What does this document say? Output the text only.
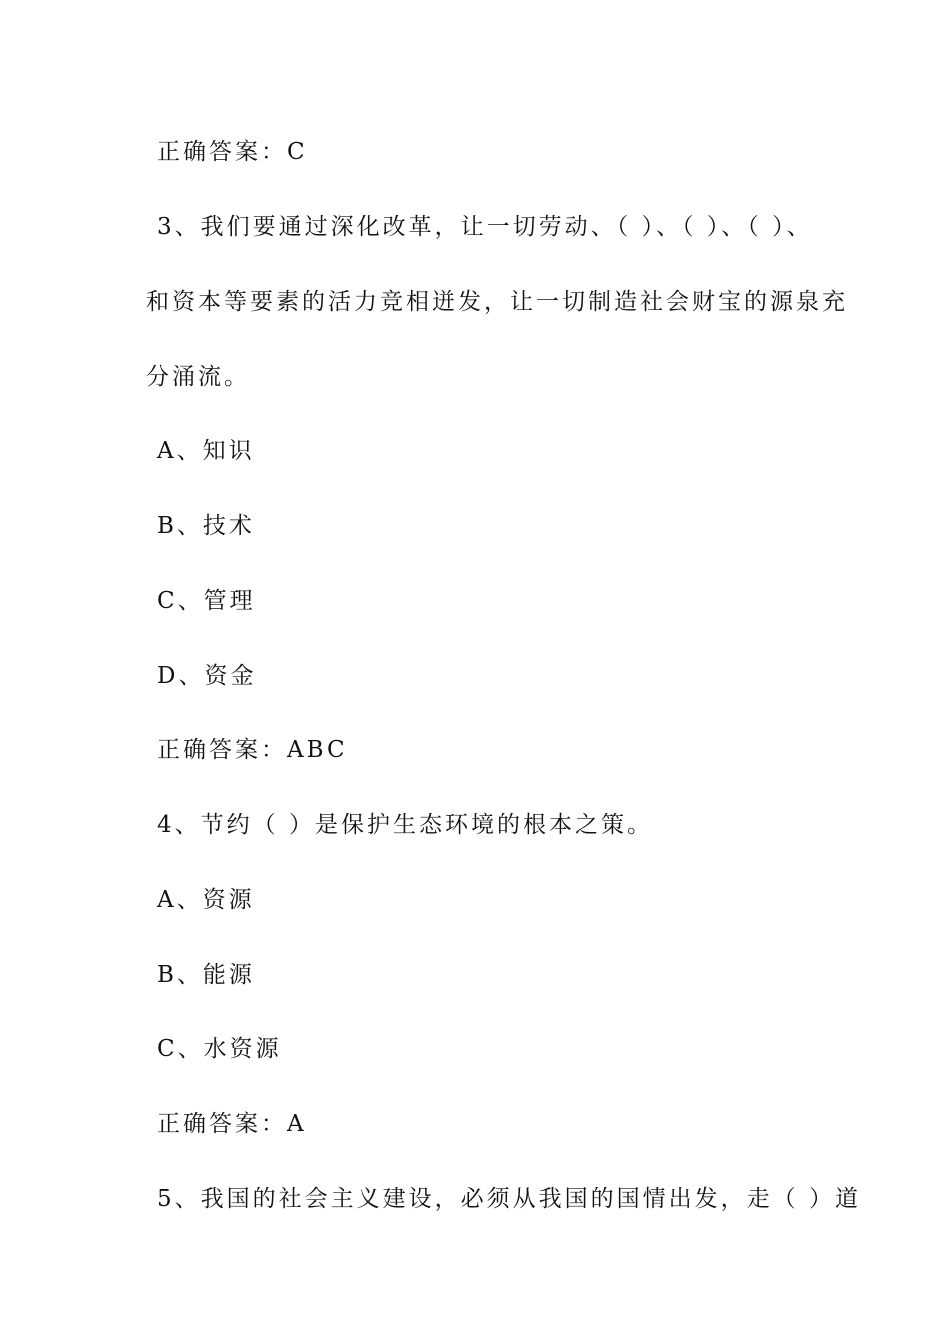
正确答案：C
3、我们要通过深化改革，让一切劳动、（ ）、（ ）、（ ）、
和资本等要素的活力竞相迸发，让一切制造社会财宝的源泉充
分涌流。
A、知识
B、技术
C、管理
D、资金
正确答案：ABC
4、节约（ ）是保护生态环境的根本之策。
A、资源
B、能源
C、水资源
正确答案：A
5、我国的社会主义建设，必须从我国的国情出发，走（ ）道
